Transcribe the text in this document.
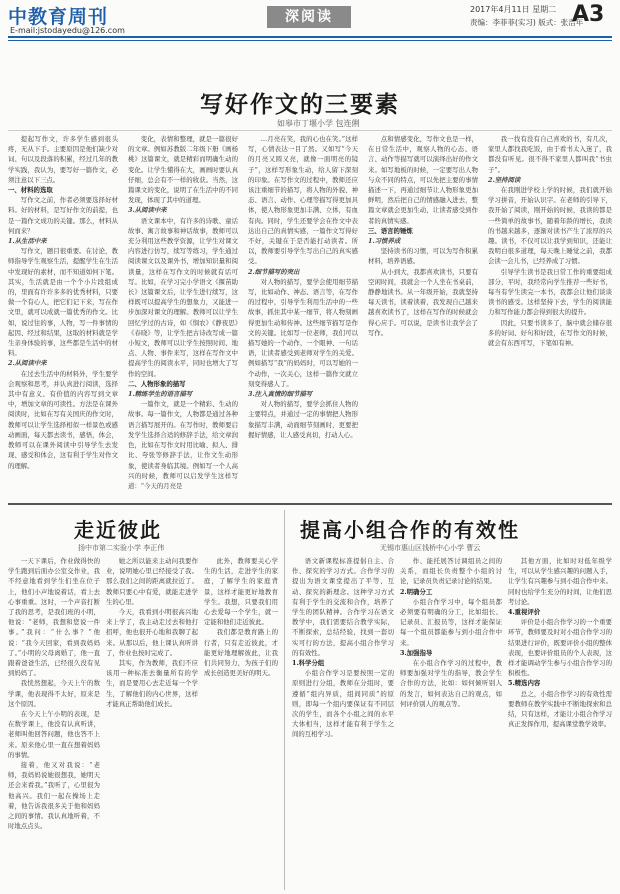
中教育周刊
E-mail:jstodayedu@126.com
深阅读	2017年4月11日 星期二
责编：李菲菲(实习) 版式：张浩年
A3
写好作文的三要素
如皋市丁堰小学 包连俐

提起写作文，许多学生感到很头疼，无从下手。主要原因是他们缺少对词、句以及段落的积累，经过几年的教学实践，我认为，要写好一篇作文，必须注意以下三点。

一、材料的选取

写作文之前，作者必须要选择好材料。好的材料，是写好作文的前提，也是一篇作文成功的关键。那么，材料从何而来？

1.从生活中来

写作文，题目很重要。在讨论，教师指导学生观察生活，提醒学生在生活中发现好的素材，而不知道如何下笔。其实，生活就是由一个个小片段组成的，里面有许许多多的优秀材料，只要做一个有心人，把它们记下来，写在作文里，就可以成就一篇优秀的作文。比如，说过往的事，人物，写一件事情的起因、经过和结果，这取的材料就是学生亲身体验的事，这些都是生活中的材料。

2.从阅读中来

在过去生活中的材料外，学生要学会观察和思考，并认真进行阅读，选择其中有意义、有价值的内容写到文章中，增加文章的可读性。方法是在课外阅读时，比如在写有关国庆的作文时，教师可以让学生选择相似一样景色或感动画面，每天都去读书，感悟，体会，教师可以在课外阅读中引导学生去发现、感受和体会，这有利于学生对作文的理解。

变化，表情和整理，就是一篇很好的文章。例如苏教版二年级下册《画杨桃》这篇课文，就是精彩而明确生动的变化。让学生懂得在大，画画时要认真仔细，总会有不一样的收获。当然，这篇课文的变化，说明了在生活中的不同发现，体现了其中的道理。

3.从阅读中来

语文课本中，有许多的诗歌、童话故事、寓言故事和神话故事，教师可以充分利用这些教学资源，让学生对课文内容进行仿写，续写等练习，学生通过阅读课文以及课外书，增加知识量和阅读量，这样在写作文的时候就有话可写。比如，在学习完小学语文《揠苗助长》这篇课文后，让学生进行续写，这样既可以提高学生的想象力，又能进一步加深对课文的理解。教师可以让学生回忆学过的古诗，如《悯农》《静夜思》《春晓》等，让学生把古诗改写成一篇小短文，教师可以让学生按照时间、地点、人物、事件来写，这样在写作文中提高学生的阅读水平，同时也增大了写作的空间。

二、人物形象的描写

1.精练学生的语言描写

一篇作文，就是一个精彩、生动的故事。每一篇作文，人物都是通过各种语言描写展开的。在写作时，教师要启发学生选择合适的修辞手法，给文章润色，比如在写作文时用比喻、拟人、排比、夸张等修辞手法，让作文生动形象，使读者身临其境。例如写一个人高兴的时候，教师可以启发学生这样写道：“今天的月亮是

…月亮在笑，我的心也在笑。”这样写，心情表达一目了然。又如写“今天的月亮又圆又亮，就像一面明亮的镜子”，这样写形象生动，给人留下深刻的印象。在写作文的过程中，教师还应该注重细节的描写，将人物的外貌、神态、语言、动作、心理等描写得更加具体，使人物形象更加丰满、立体，有血有肉。同时，学生还要学会在作文中表达出自己的真情实感，一篇作文写得好不好，关键在于是否能打动读者。所以，教师要引导学生写出自己的真实感受。

2.细节描写的突出

对人物的描写，要学会使用细节描写，比如动作、神态、语言等，在写作的过程中，引导学生利用生活中的一些故事，抓住其中某一细节，将人物刻画得更加生动和传神。这些细节描写是作文的关键。比如写一位老师，我们可以描写她的一个动作、一个眼神、一句话语，让读者感受到老师对学生的关爱。例如描写“我”的妈妈时，可以写她的一个动作，一次关心，这样一篇作文就立刻变得感人了。

3.注入真情的细节描写

对人物的描写，要学会抓住人物的主要特点，并通过一定的事情把人物形象描写丰满，动面细节刻画时，更要把握好情感，让人感受真切，打动人心。

点和情感变化，写作文也是一样，在日常生活中，观察人物的心态、语言、动作等描写就可以演绎出好的作文来。如写地板的时候，一定要写出人物与众不同的特点，可以先把主要的事情描述一下，再通过细节让人物形象更加鲜明，然后把自己的情感融入进去，整篇文章就会更加生动，让读者感受到作者的真情实感。

三、语言的锤炼

1.习惯养成

坚持读书的习惯，可以为写作积累材料，培养语感。

从小到大，我都喜欢读书，只要有空闲时间，我就会一个人坐在书桌前，静静地读书。从一年级开始，我就坚持每天读书，读着读着，我发现自己越来越喜欢读书了，这样在写作的时候就会得心应手。可以说，是读书让我学会了写作。

我一找有没有自己喜欢的书，有几次，家里人都找我吃饭，由于看书太入迷了，我都没有听见。很不得不家里人都叫我“书虫子”。

2.坚持阅读

在我刚进学校上学的时候，我们就开始学习拼音，开始认识字。在老师的引导下，我开始了阅读，刚开始的时候，我读的都是一些简单的故事书，随着年龄的增长，我读的书越来越多，逐渐对读书产生了浓厚的兴趣。读书，不仅可以让我学到知识，还能让我明白很多道理，每天晚上睡觉之前，我都会读一会儿书，已经养成了习惯。

引导学生读书是我日常工作的重要组成部分，平时，我经常向学生推荐一些好书，每当有学生读完一本书，我都会让他们谈谈读书的感受。这样坚持下去，学生的阅读能力和写作能力都会得到很大的提升。

因此，只要书读多了，脑中就会储存很多的好词、好句和好段，在写作文的时候，就会有东西可写，下笔如有神。

走近彼此
扬中市第二实验小学 李正伟

一天下课后，作业做得快的学生跑到后面办公室交作业，我不经意地看到学生们坐在位子上，他们小声地说着话，看上去心事重重。这时，一个声音打断了我的思考，是我们班的小明，他说：“老师，我想和您说一件事。”我问：“什么事？”他说：“我今天回家，看到我妈妈了。”小明的父母离婚了，他一直跟着爸爸生活，已经很久没有见到妈妈了。

我恍然想起，今天上午的数学课，他表现得不太好，原来是这个原因。

在今天上午小明的表现，是在数学课上，他没有认真听讲，老师叫他回答问题，他也答不上来。原来他心里一直在想着妈妈的事情。

接着，他又对我说：“老师，我妈妈说她很想我，她明天还会来看我。”我听了，心里很为他高兴。我们一起在操场上走着，他告诉我很多关于他和妈妈之间的事情。我认真地听着，不时地点点头。

她之所以能来主动问我要作业，说明她心里已经接受了我。那么我们之间的距离就拉近了。教师只要心中有爱，就能走进学生的心里。

今天，我看到小明很高兴地来上学了，我主动走过去和他打招呼，他也很开心地和我聊了起来。从那以后，他上课认真听讲了，作业也按时完成了。

其实，作为教师，我们不应该用一种标准去衡量所有的学生，而是要用心去走近每一个学生，了解他们的内心世界，这样才能真正帮助他们成长。

此外，教师要关心学生的生活，走进学生的家庭，了解学生的家庭背景，这样才能更好地教育学生。我想，只要我们用心去爱每一个学生，就一定能和他们走近彼此。

我们都是教育路上的行者，只有走近彼此，才能更好地理解彼此，让我们共同努力，为孩子们的成长创造更美好的明天。

提高小组合作的有效性
无锡市惠山区钱桥中心小学 曹云

语文新课程标准提倡自主、合作、探究的学习方式。合作学习的提出为语文课堂提出了平等、互动、探究的新理念。这种学习方式有利于学生的交流和合作，培养了学生的团队精神。合作学习在语文教学中，我们需要结合教学实际，不断探索，总结经验，找到一套切实可行的方法，提高小组合作学习的有效性。

1.科学分组

小组合作学习是要按照一定的原则进行分组，教师在分组时，要遵循“组内异质，组间同质”的原则，即每一个组内要保证有不同层次的学生，而各个小组之间的水平大体相当，这样才能有利于学生之间的互相学习。

作、能托展答讨调组员之间的关系，而组长负责整个小组的讨论，记录员负责记录讨论的结果。

2.明确分工

小组合作学习中，每个组员都必须要有明确的分工，比如组长、记录员、汇报员等，这样才能保证每一个组员都能参与到小组合作中来。

3.加强指导

在小组合作学习的过程中，教师要加强对学生的指导，教会学生合作的方法，比如：如何倾听别人的发言，如何表达自己的观点，如何评价别人的观点等。

其他方面，比如时对低年级学生，可以从学生感兴趣的问题入手，让学生有兴趣参与到小组合作中来。同时也给学生充分的时间，让他们思考讨论。

4.重视评价

评价是小组合作学习的一个重要环节，教师要及时对小组合作学习的结果进行评价，既要评价小组的整体表现，也要评价组员的个人表现，这样才能调动学生参与小组合作学习的积极性。

5.精选内容

总之，小组合作学习的有效性需要教师在教学实践中不断地探索和总结，只有这样，才能让小组合作学习真正发挥作用，提高课堂教学效率。
